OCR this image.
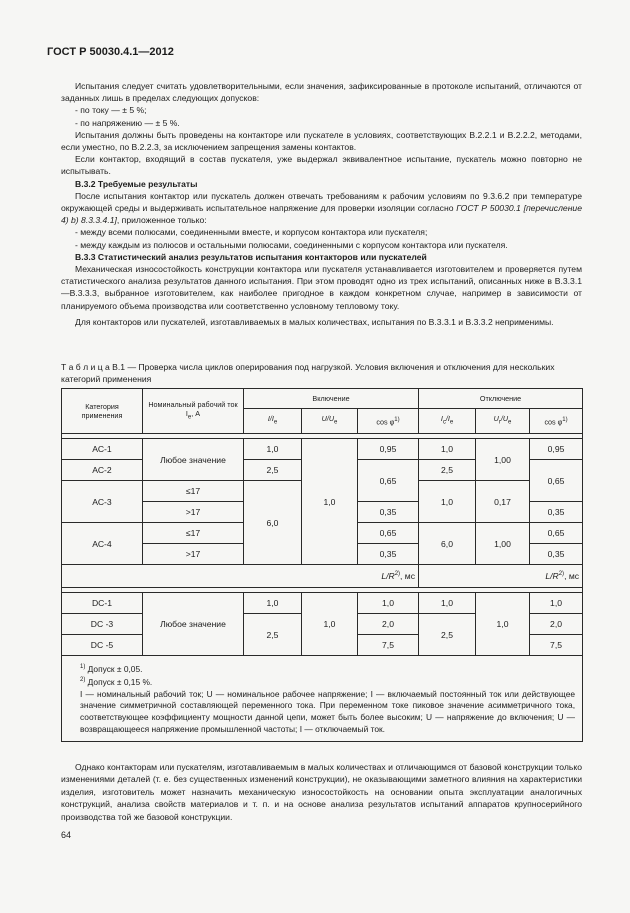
ГОСТ Р 50030.4.1—2012

Испытания следует считать удовлетворительными, если значения, зафиксированные в протоколе испытаний, отличаются от заданных лишь в пределах следующих допусков:

- по току — ± 5 %;

- по напряжению — ± 5 %.

Испытания должны быть проведены на контакторе или пускателе в условиях, соответствующих В.2.2.1 и В.2.2.2, методами, если уместно, по В.2.2.3, за исключением запрещения замены контактов.

Если контактор, входящий в состав пускателя, уже выдержал эквивалентное испытание, пускатель можно повторно не испытывать.

В.3.2 Требуемые результаты

После испытания контактор или пускатель должен отвечать требованиям к рабочим условиям по 9.3.6.2 при температуре окружающей среды и выдерживать испытательное напряжение для проверки изоляции согласно ГОСТ Р 50030.1 [перечисление 4) b) 8.3.3.4.1], приложенное только:

- между всеми полюсами, соединенными вместе, и корпусом контактора или пускателя;

- между каждым из полюсов и остальными полюсами, соединенными с корпусом контактора или пускателя.

В.3.3 Статистический анализ результатов испытания контакторов или пускателей

Механическая износостойкость конструкции контактора или пускателя устанавливается изготовителем и проверяется путем статистического анализа результатов данного испытания. При этом проводят одно из трех испытаний, описанных ниже в В.3.3.1—В.3.3.3, выбранное изготовителем, как наиболее пригодное в каждом конкретном случае, например в зависимости от планируемого объема производства или соответственно условному тепловому току.

Для контакторов или пускателей, изготавливаемых в малых количествах, испытания по В.3.3.1 и В.3.3.2 неприменимы.

Т а б л и ц а В.1 — Проверка числа циклов оперирования под нагрузкой. Условия включения и отключения для нескольких категорий применения
Категория применения	Номинальный рабочий ток $I_e$, А	Включение			Отключение		
		$I/I_e$	$U/U_e$	$\cos \varphi^{1)}$	$I_c/I_e$	$U_r/U_e$	$\cos \varphi^{1)}$

АС-1	Любое значение	1,0	1,0	0,95	1,0	1,00	0,95
АС-2		2,5		0,65	2,5		0,65
АС-3	≤17	6,0			1,0	0,17	
	>17			0,35			0,35
АС-4	≤17			0,65	6,0	1,00	0,65
	>17			0,35			0,35
				$L/R^{2)}$, мс			$L/R^{2)}$, мс

DC-1	Любое значение	1,0	1,0	1,0	1,0	1,0	1,0
DC -3		2,5		2,0	2,5		2,0
DC -5				7,5			7,5

$^{1)}$ Допуск ± 0,05.

$^{2)}$ Допуск ± 0,15 %.

I — номинальный рабочий ток; U — номинальное рабочее напряжение; I — включаемый постоянный ток или действующее значение симметричной составляющей переменного тока. При переменном токе пиковое значение асимметричного тока, соответствующее коэффициенту мощности данной цепи, может быть более высоким; U — напряжение до включения; U — возвращающееся напряжение промышленной частоты; I — отключаемый ток.							

Однако контакторам или пускателям, изготавливаемым в малых количествах и отличающимся от базовой конструкции только изменениями деталей (т. е. без существенных изменений конструкции), не оказывающими заметного влияния на характеристики изделия, изготовитель может назначить механическую износостойкость на основании опыта эксплуатации аналогичных конструкций, анализа свойств материалов и т. п. и на основе анализа результатов испытаний аппаратов крупносерийного производства той же базовой конструкции.

64
